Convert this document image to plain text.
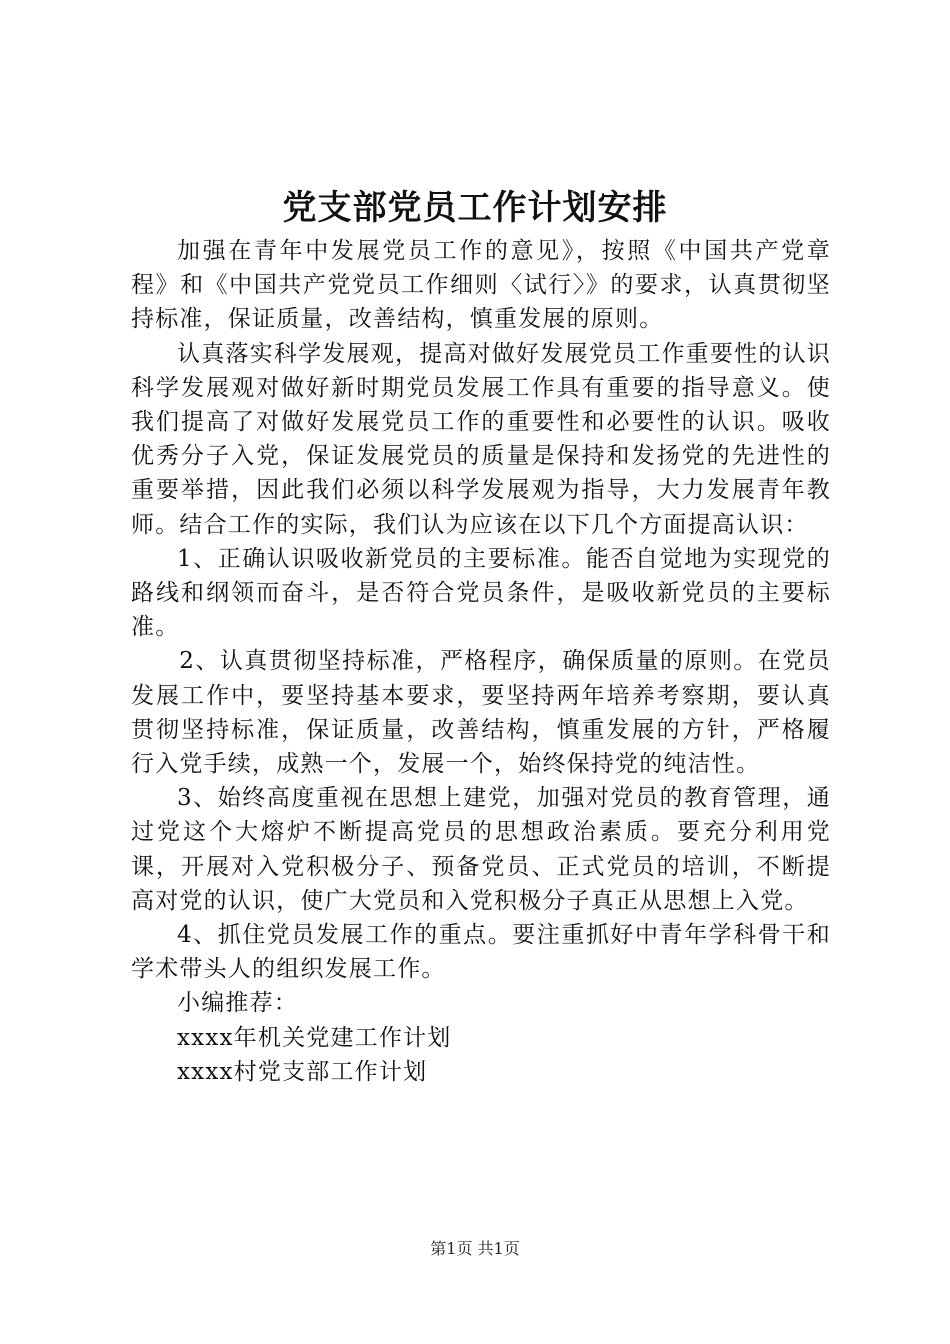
党支部党员工作计划安排

加强在青年中发展党员工作的意见》，按照《中国共产党章程》和《中国共产党党员工作细则〈试行〉》的要求，认真贯彻坚持标准，保证质量，改善结构，慎重发展的原则。

认真落实科学发展观，提高对做好发展党员工作重要性的认识科学发展观对做好新时期党员发展工作具有重要的指导意义。使我们提高了对做好发展党员工作的重要性和必要性的认识。吸收优秀分子入党，保证发展党员的质量是保持和发扬党的先进性的重要举措，因此我们必须以科学发展观为指导，大力发展青年教师。结合工作的实际，我们认为应该在以下几个方面提高认识：

1、正确认识吸收新党员的主要标准。能否自觉地为实现党的路线和纲领而奋斗，是否符合党员条件，是吸收新党员的主要标准。

2、认真贯彻坚持标准，严格程序，确保质量的原则。在党员发展工作中，要坚持基本要求，要坚持两年培养考察期，要认真贯彻坚持标准，保证质量，改善结构，慎重发展的方针，严格履行入党手续，成熟一个，发展一个，始终保持党的纯洁性。

3、始终高度重视在思想上建党，加强对党员的教育管理，通过党这个大熔炉不断提高党员的思想政治素质。要充分利用党课，开展对入党积极分子、预备党员、正式党员的培训，不断提高对党的认识，使广大党员和入党积极分子真正从思想上入党。

4、抓住党员发展工作的重点。要注重抓好中青年学科骨干和学术带头人的组织发展工作。

小编推荐：
xxxx年机关党建工作计划
xxxx村党支部工作计划
第1页 共1页
